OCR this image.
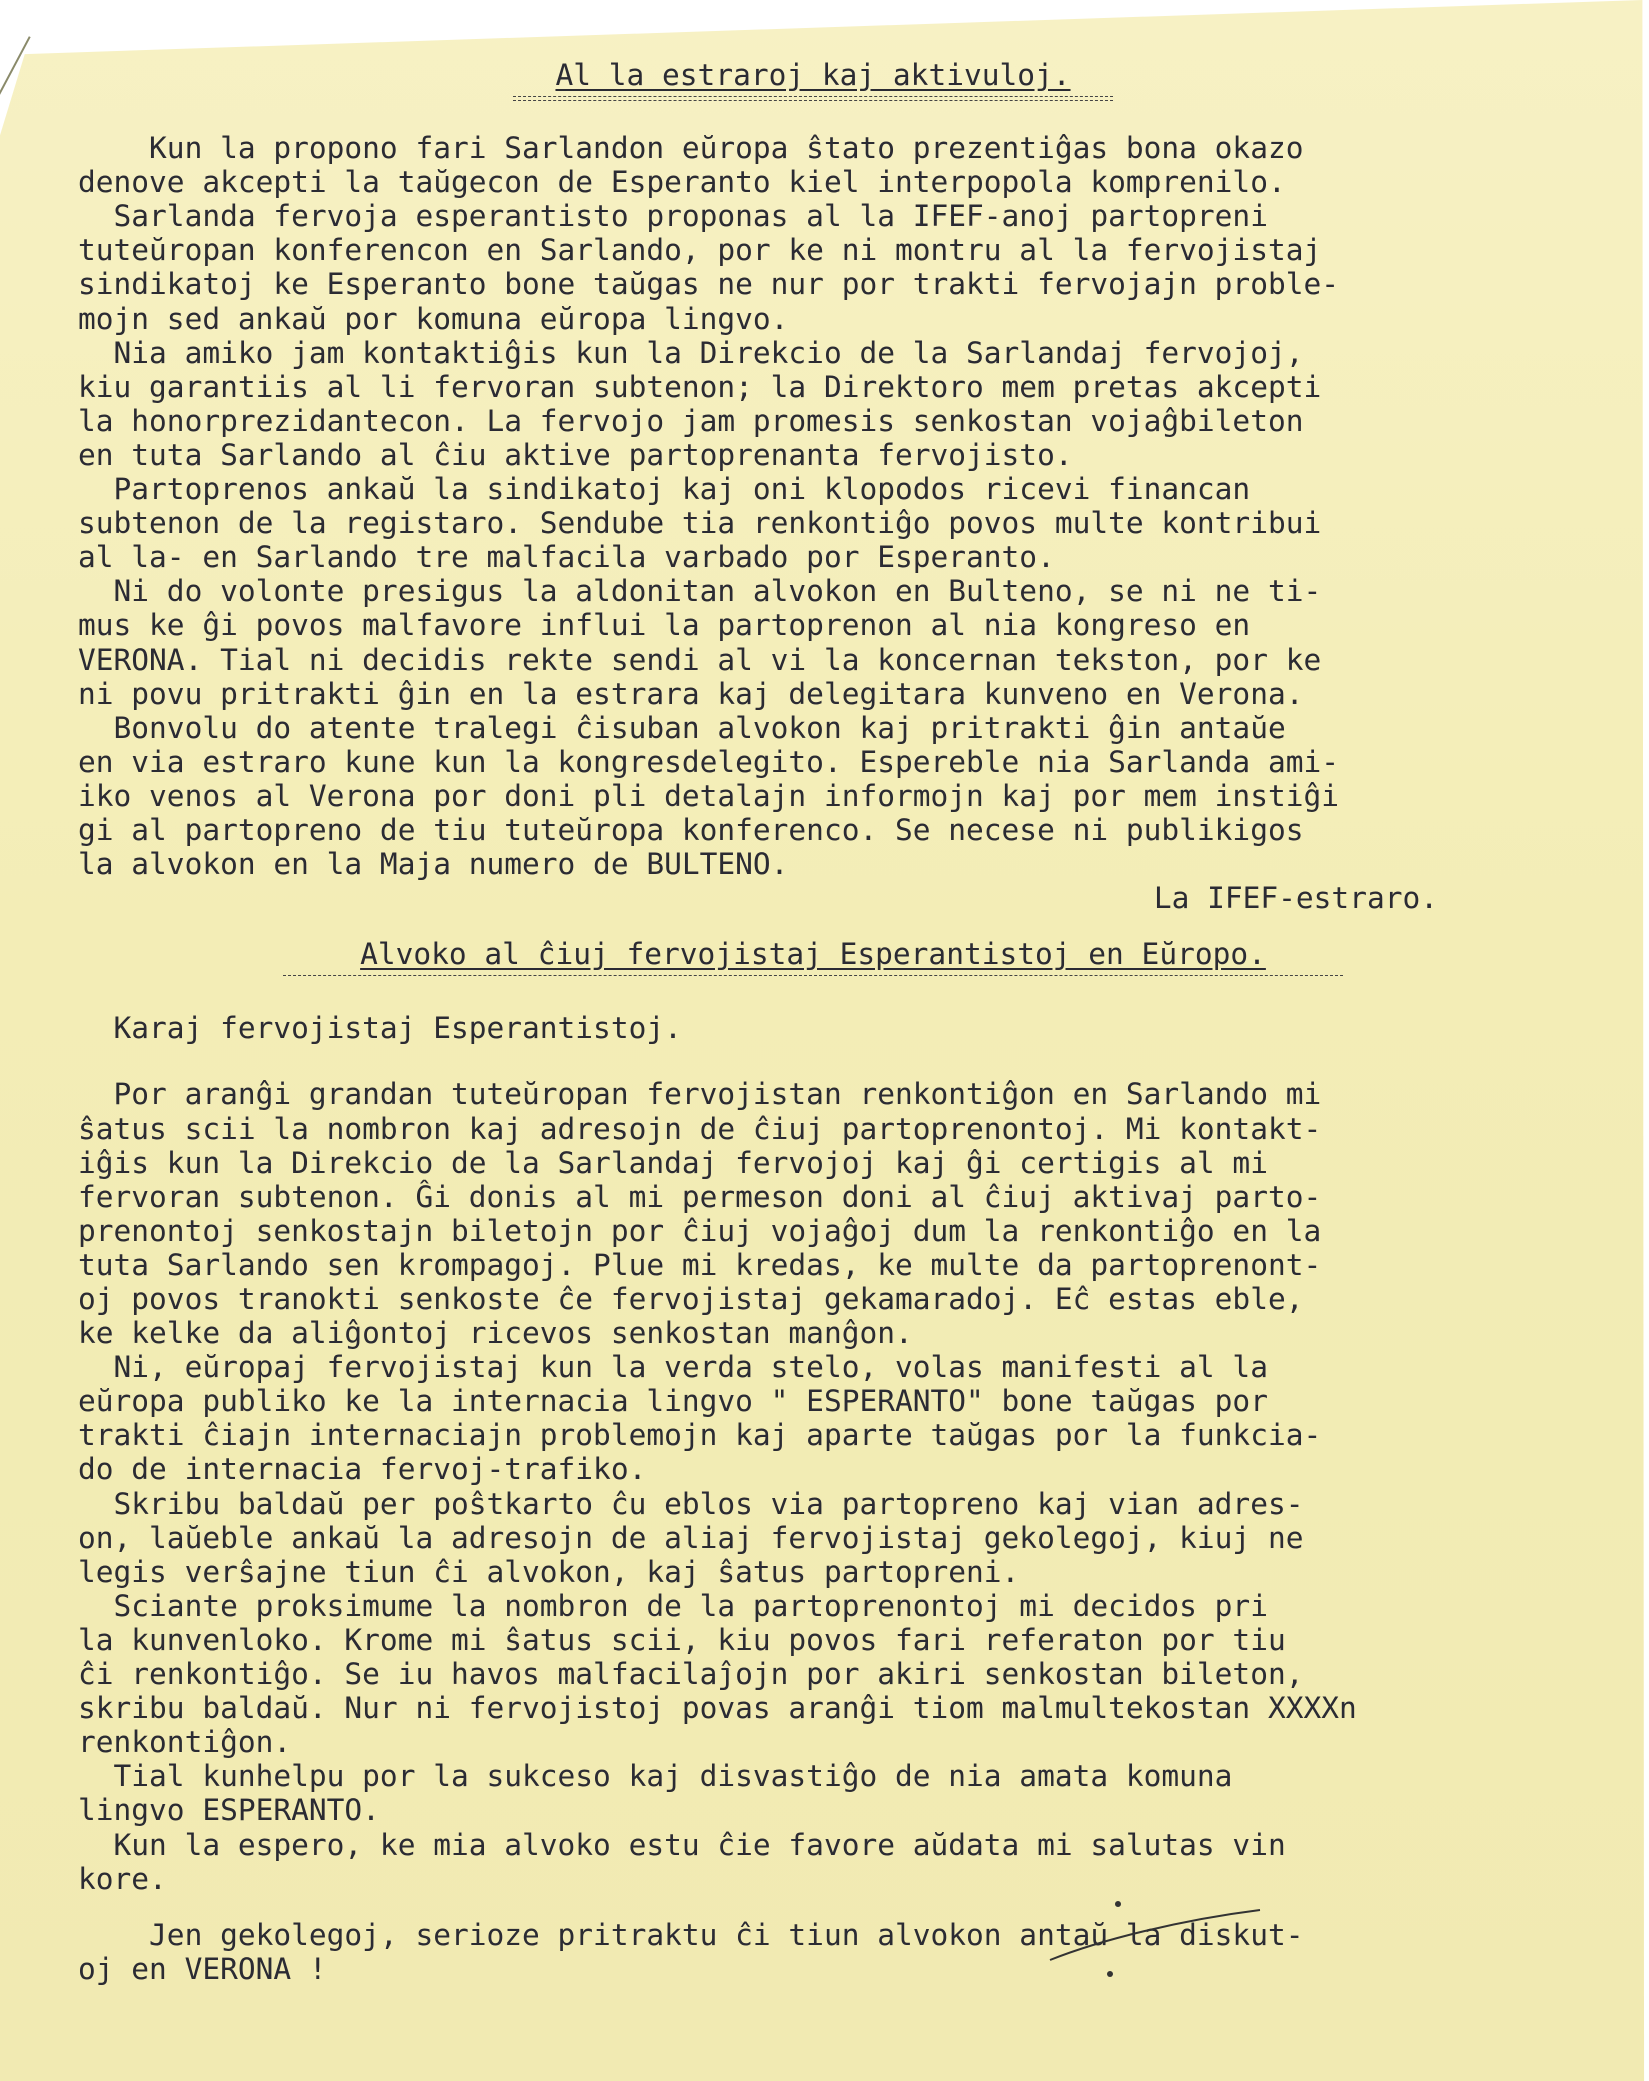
Al la estraroj kaj aktivuloj.

Kun la propono fari Sarlandon eŭropa ŝtato prezentiĝas bona okazo

denove akcepti la taŭgecon de Esperanto kiel interpopola komprenilo.

Sarlanda fervoja esperantisto proponas al la IFEF-anoj partopreni

tuteŭropan konferencon en Sarlando, por ke ni montru al la fervojistaj

sindikatoj ke Esperanto bone taŭgas ne nur por trakti fervojajn proble-

mojn sed ankaŭ por komuna eŭropa lingvo.

Nia amiko jam kontaktiĝis kun la Direkcio de la Sarlandaj fervojoj,

kiu garantiis al li fervoran subtenon; la Direktoro mem pretas akcepti

la honorprezidantecon. La fervojo jam promesis senkostan vojaĝbileton

en tuta Sarlando al ĉiu aktive partoprenanta fervojisto.

Partoprenos ankaŭ la sindikatoj kaj oni klopodos ricevi financan

subtenon de la registaro. Sendube tia renkontiĝo povos multe kontribui

al la- en Sarlando tre malfacila varbado por Esperanto.

Ni do volonte presigus la aldonitan alvokon en Bulteno, se ni ne ti-

mus ke ĝi povos malfavore influi la partoprenon al nia kongreso en

VERONA. Tial ni decidis rekte sendi al vi la koncernan tekston, por ke

ni povu pritrakti ĝin en la estrara kaj delegitara kunveno en Verona.

Bonvolu do atente tralegi ĉisuban alvokon kaj pritrakti ĝin antaŭe

en via estraro kune kun la kongresdelegito. Espereble nia Sarlanda ami-

iko venos al Verona por doni pli detalajn informojn kaj por mem instiĝi

gi al partopreno de tiu tuteŭropa konferenco. Se necese ni publikigos

la alvokon en la Maja numero de BULTENO.

La IFEF-estraro.
Alvoko al ĉiuj fervojistaj Esperantistoj en Eŭropo.

Karaj fervojistaj Esperantistoj.

Por aranĝi grandan tuteŭropan fervojistan renkontiĝon en Sarlando mi

ŝatus scii la nombron kaj adresojn de ĉiuj partoprenontoj. Mi kontakt-

iĝis kun la Direkcio de la Sarlandaj fervojoj kaj ĝi certigis al mi

fervoran subtenon. Ĝi donis al mi permeson doni al ĉiuj aktivaj parto-

prenontoj senkostajn biletojn por ĉiuj vojaĝoj dum la renkontiĝo en la

tuta Sarlando sen krompagoj. Plue mi kredas, ke multe da partoprenont-

oj povos tranokti senkoste ĉe fervojistaj gekamaradoj. Eĉ estas eble,

ke kelke da aliĝontoj ricevos senkostan manĝon.

Ni, eŭropaj fervojistaj kun la verda stelo, volas manifesti al la

eŭropa publiko ke la internacia lingvo " ESPERANTO" bone taŭgas por

trakti ĉiajn internaciajn problemojn kaj aparte taŭgas por la funkcia-

do de internacia fervoj-trafiko.

Skribu baldaŭ per poŝtkarto ĉu eblos via partopreno kaj vian adres-

on, laŭeble ankaŭ la adresojn de aliaj fervojistaj gekolegoj, kiuj ne

legis verŝajne tiun ĉi alvokon, kaj ŝatus partopreni.

Sciante proksimume la nombron de la partoprenontoj mi decidos pri

la kunvenloko. Krome mi ŝatus scii, kiu povos fari referaton por tiu

ĉi renkontiĝo. Se iu havos malfacilaĵojn por akiri senkostan bileton,

skribu baldaŭ. Nur ni fervojistoj povas aranĝi tiom malmultekostan XXXXn

renkontiĝon.

Tial kunhelpu por la sukceso kaj disvastiĝo de nia amata komuna

lingvo ESPERANTO.

Kun la espero, ke mia alvoko estu ĉie favore aŭdata mi salutas vin

kore.

Jen gekolegoj, serioze pritraktu ĉi tiun alvokon antaŭ la diskut-

oj en VERONA !
